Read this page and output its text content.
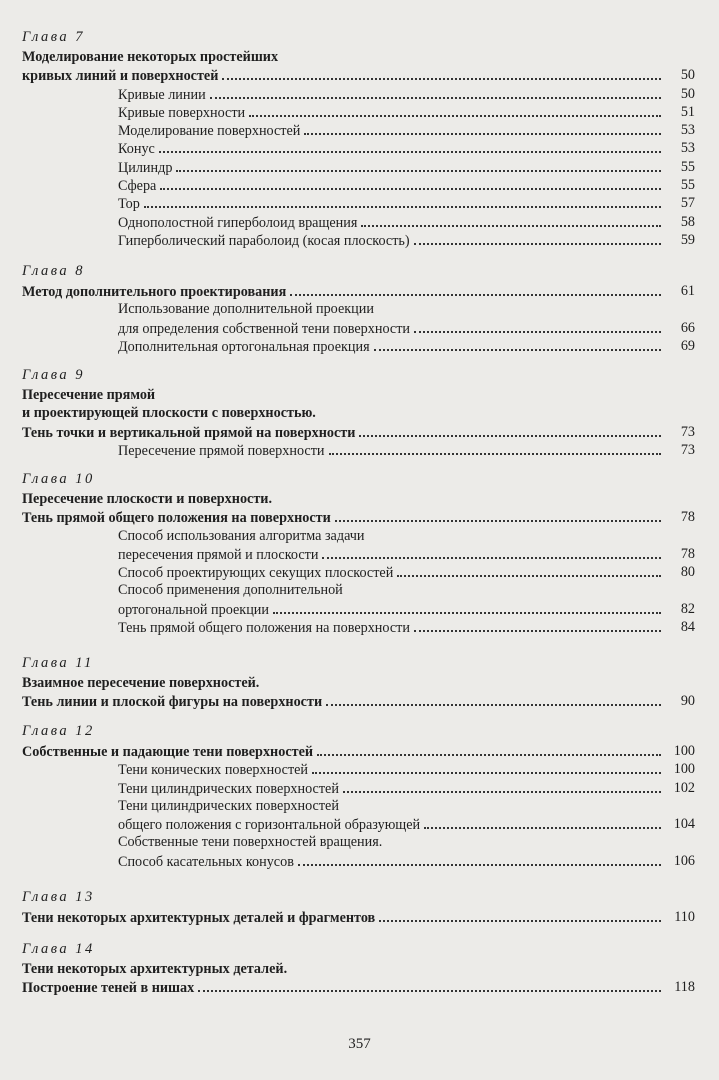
Глава 7
Моделирование некоторых простейших
кривых линий и поверхностей	50
Кривые линии	50
Кривые поверхности	51
Моделирование поверхностей	53
Конус	53
Цилиндр	55
Сфера	55
Тор	57
Однополостной гиперболоид вращения	58
Гиперболический параболоид (косая плоскость)	59
Глава 8
Метод дополнительного проектирования	61
Использование дополнительной проекции
для определения собственной тени поверхности	66
Дополнительная ортогональная проекция	69
Глава 9
Пересечение прямой
и проектирующей плоскости с поверхностью.
Тень точки и вертикальной прямой на поверхности	73
Пересечение прямой поверхности	73
Глава 10
Пересечение плоскости и поверхности.
Тень прямой общего положения на поверхности	78
Способ использования алгоритма задачи
пересечения прямой и плоскости	78
Способ проектирующих секущих плоскостей	80
Способ применения дополнительной
ортогональной проекции	82
Тень прямой общего положения на поверхности	84
Глава 11
Взаимное пересечение поверхностей.
Тень линии и плоской фигуры на поверхности	90
Глава 12
Собственные и падающие тени поверхностей	100
Тени конических поверхностей	100
Тени цилиндрических поверхностей	102
Тени цилиндрических поверхностей
общего положения с горизонтальной образующей	104
Собственные тени поверхностей вращения.
Способ касательных конусов	106
Глава 13
Тени некоторых архитектурных деталей и фрагментов	110
Глава 14
Тени некоторых архитектурных деталей.
Построение теней в нишах	118
357
